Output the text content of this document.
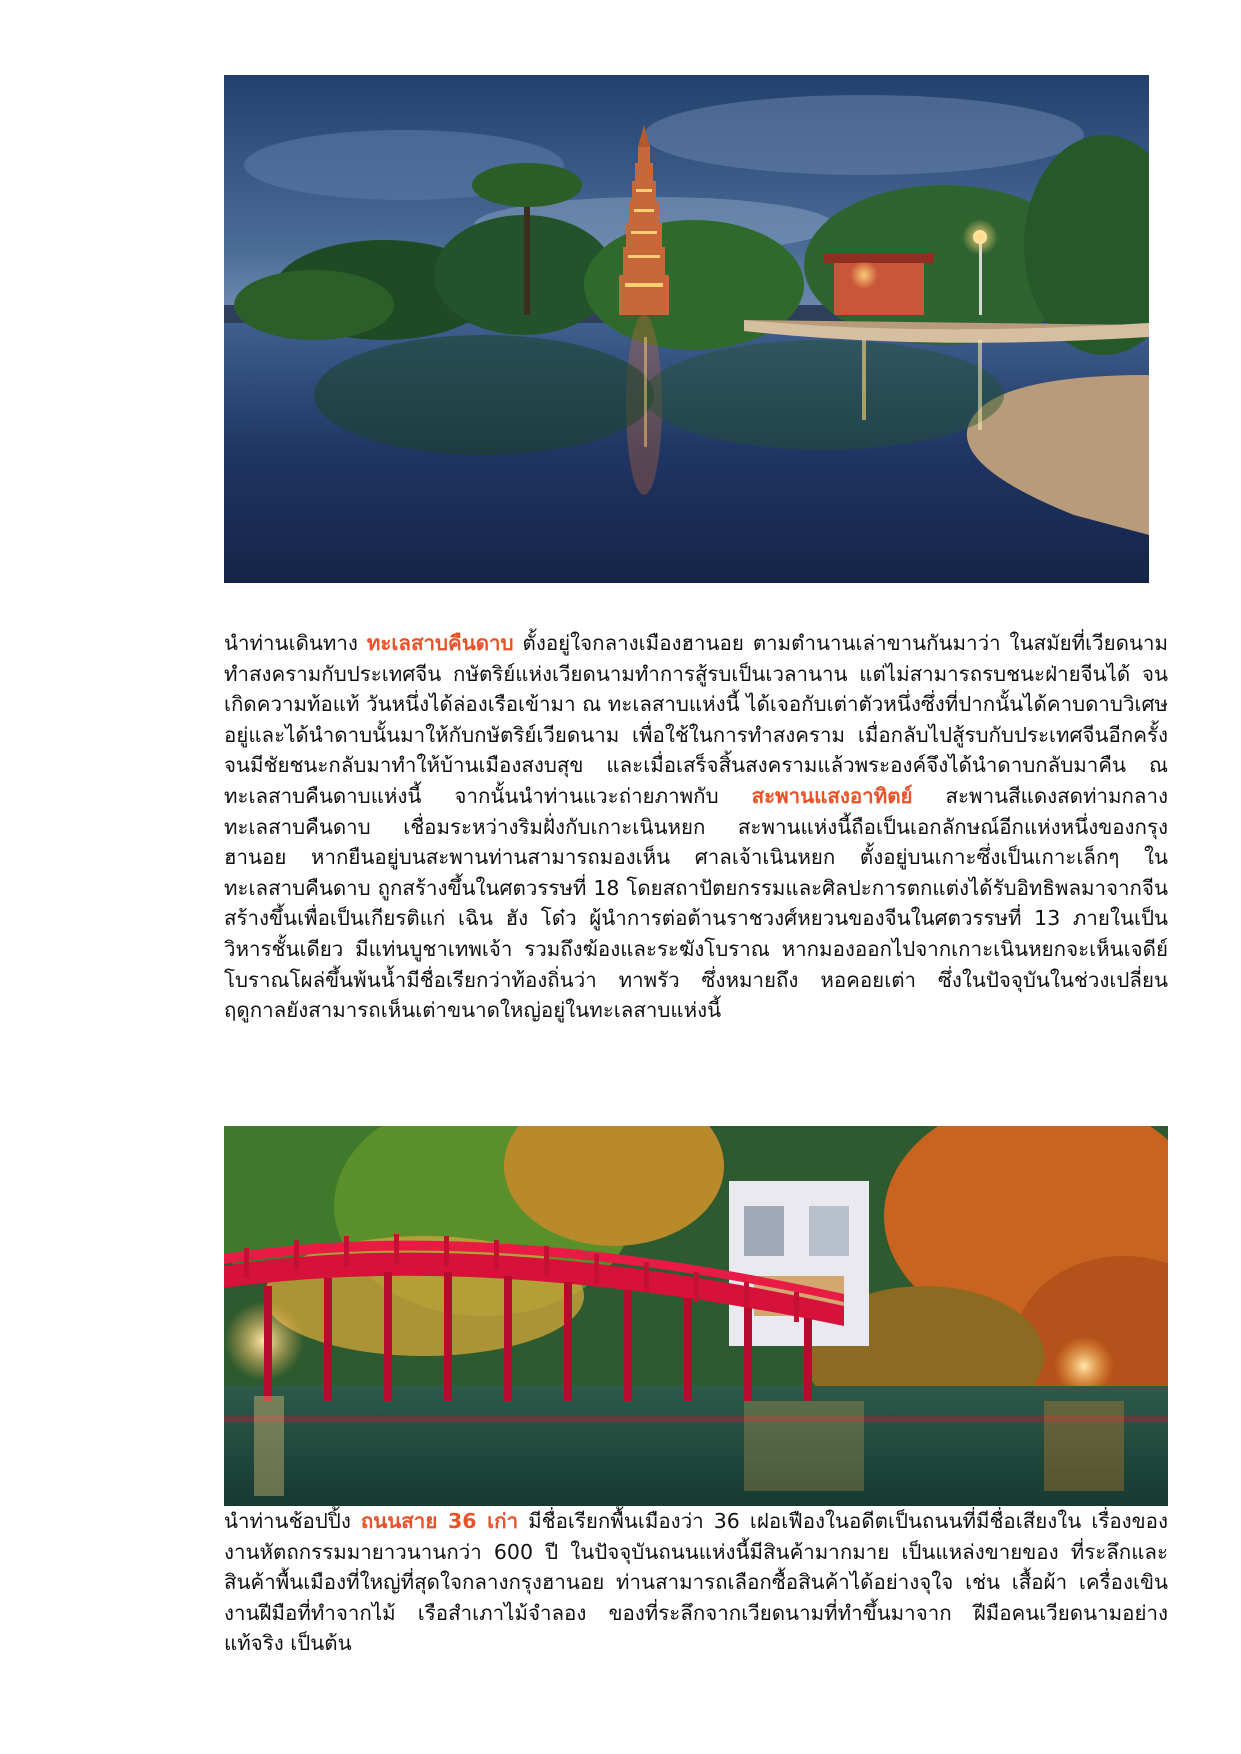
นำท่านเดินทาง ทะเลสาบคืนดาบ ตั้งอยู่ใจกลางเมืองฮานอย ตามตำนานเล่าขานกันมาว่า ในสมัยที่เวียดนามทำสงครามกับประเทศจีน กษัตริย์แห่งเวียดนามทำการสู้รบเป็นเวลานาน แต่ไม่สามารถรบชนะฝ่ายจีนได้ จนเกิดความท้อแท้ วันหนึ่งได้ล่องเรือเข้ามา ณ ทะเลสาบแห่งนี้ ได้เจอกับเต่าตัวหนึ่งซึ่งที่ปากนั้นได้คาบดาบวิเศษอยู่และได้นำดาบนั้นมาให้กับกษัตริย์เวียดนาม เพื่อใช้ในการทำสงคราม เมื่อกลับไปสู้รบกับประเทศจีนอีกครั้ง จนมีชัยชนะกลับมาทำให้บ้านเมืองสงบสุข และเมื่อเสร็จสิ้นสงครามแล้วพระองค์จึงได้นำดาบกลับมาคืน ณ ทะเลสาบคืนดาบแห่งนี้ จากนั้นนำท่านแวะถ่ายภาพกับ สะพานแสงอาทิตย์ สะพานสีแดงสดท่ามกลางทะเลสาบคืนดาบ เชื่อมระหว่างริมฝั่งกับเกาะเนินหยก สะพานแห่งนี้ถือเป็นเอกลักษณ์อีกแห่งหนึ่งของกรุงฮานอย หากยืนอยู่บนสะพานท่านสามารถมองเห็น ศาลเจ้าเนินหยก ตั้งอยู่บนเกาะซึ่งเป็นเกาะเล็กๆ ในทะเลสาบคืนดาบ ถูกสร้างขึ้นในศตวรรษที่ 18 โดยสถาปัตยกรรมและศิลปะการตกแต่งได้รับอิทธิพลมาจากจีน สร้างขึ้นเพื่อเป็นเกียรติแก่ เฉิน ฮัง โด๋ว ผู้นำการต่อต้านราชวงศ์หยวนของจีนในศตวรรษที่ 13 ภายในเป็นวิหารชั้นเดียว มีแท่นบูชาเทพเจ้า รวมถึงฆ้องและระฆังโบราณ หากมองออกไปจากเกาะเนินหยกจะเห็นเจดีย์โบราณโผล่ขึ้นพ้นน้ำมีชื่อเรียกว่าท้องถิ่นว่า ทาพรัว ซึ่งหมายถึง หอคอยเต่า ซึ่งในปัจจุบันในช่วงเปลี่ยนฤดูกาลยังสามารถเห็นเต่าขนาดใหญ่อยู่ในทะเลสาบแห่งนี้

นำท่านช้อปปิ้ง ถนนสาย 36 เก่า มีชื่อเรียกพื้นเมืองว่า 36 เฝอเฟืองในอดีตเป็นถนนที่มีชื่อเสียงใน เรื่องของงานหัตถกรรมมายาวนานกว่า 600 ปี ในปัจจุบันถนนแห่งนี้มีสินค้ามากมาย เป็นแหล่งขายของ ที่ระลึกและสินค้าพื้นเมืองที่ใหญ่ที่สุดใจกลางกรุงฮานอย ท่านสามารถเลือกซื้อสินค้าได้อย่างจุใจ เช่น เสื้อผ้า เครื่องเขิน งานฝีมือที่ทำจากไม้ เรือสำเภาไม้จำลอง ของที่ระลึกจากเวียดนามที่ทำขึ้นมาจาก ฝีมือคนเวียดนามอย่างแท้จริง เป็นต้น
